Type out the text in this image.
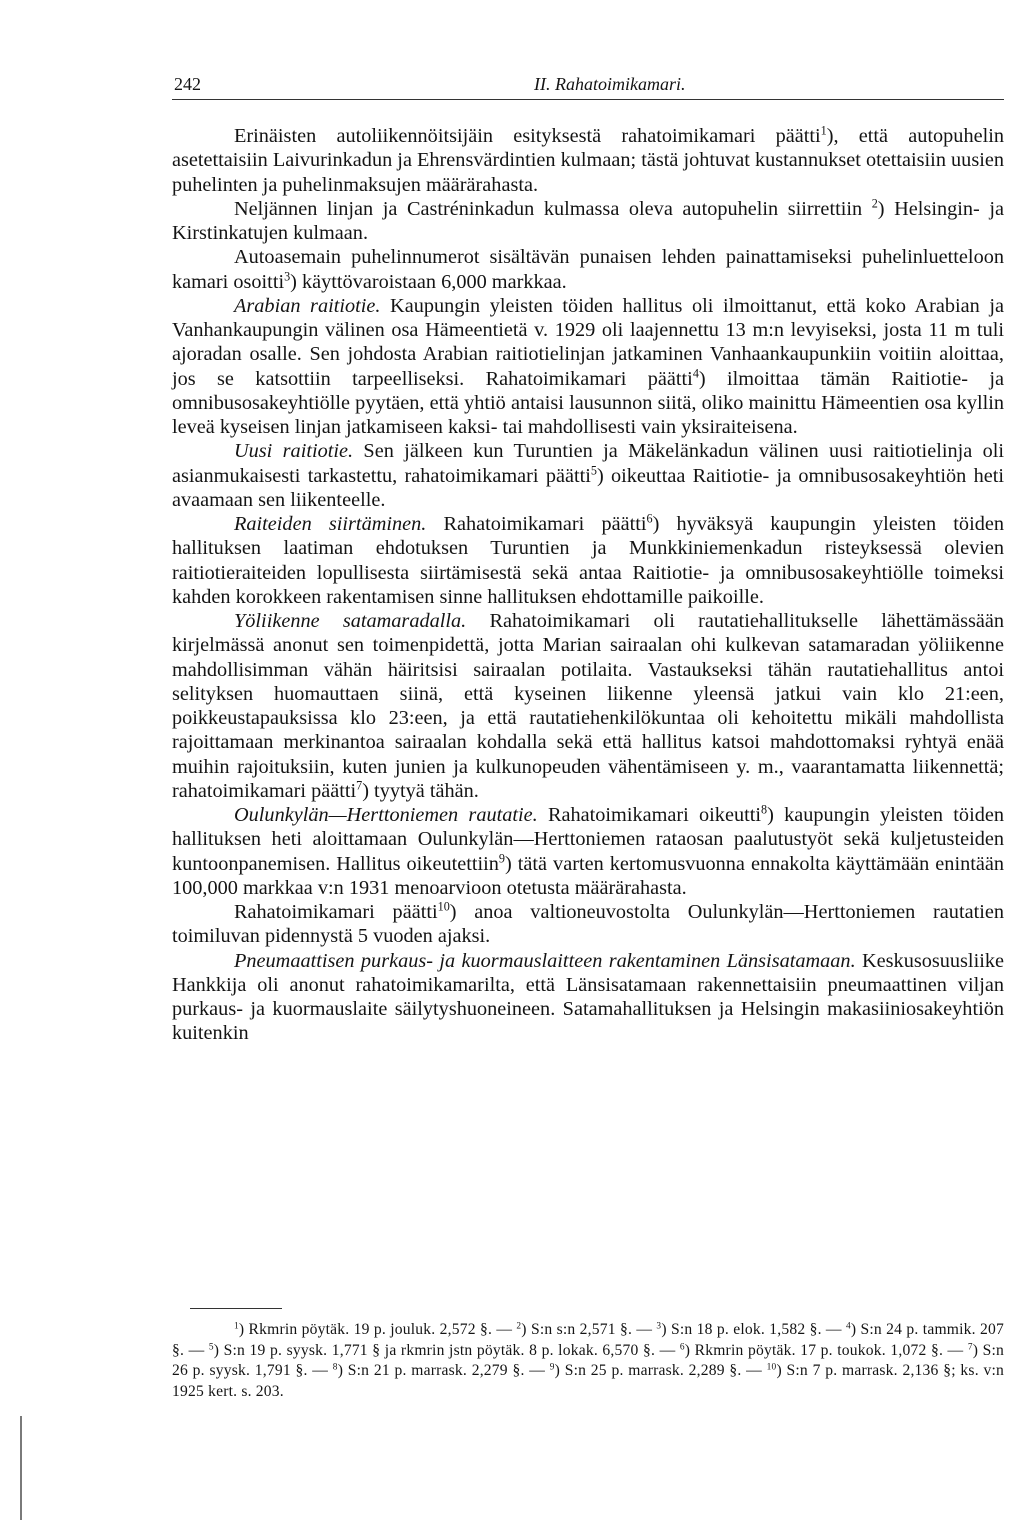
242	II. Rahatoimikamari.

Erinäisten autoliikennöitsijäin esityksestä rahatoimikamari päätti$^1$), että autopuhelin asetettaisiin Laivurinkadun ja Ehrensvärdintien kulmaan; tästä johtuvat kustannukset otettaisiin uusien puhelinten ja puhelinmaksujen määrärahasta.

Neljännen linjan ja Castréninkadun kulmassa oleva autopuhelin siirrettiin $^2$) Helsingin- ja Kirstinkatujen kulmaan.

Autoasemain puhelinnumerot sisältävän punaisen lehden painattamiseksi puhelinluetteloon kamari osoitti$^3$) käyttövaroistaan 6,000 markkaa.

Arabian raitiotie. Kaupungin yleisten töiden hallitus oli ilmoittanut, että koko Arabian ja Vanhankaupungin välinen osa Hämeentietä v. 1929 oli laajennettu 13 m:n levyiseksi, josta 11 m tuli ajoradan osalle. Sen johdosta Arabian raitiotielinjan jatkaminen Vanhaankaupunkiin voitiin aloittaa, jos se katsottiin tarpeelliseksi. Rahatoimikamari päätti$^4$) ilmoittaa tämän Raitiotie- ja omnibusosakeyhtiölle pyytäen, että yhtiö antaisi lausunnon siitä, oliko mainittu Hämeentien osa kyllin leveä kyseisen linjan jatkamiseen kaksi- tai mahdollisesti vain yksiraiteisena.

Uusi raitiotie. Sen jälkeen kun Turuntien ja Mäkelänkadun välinen uusi raitiotielinja oli asianmukaisesti tarkastettu, rahatoimikamari päätti$^5$) oikeuttaa Raitiotie- ja omnibusosakeyhtiön heti avaamaan sen liikenteelle.

Raiteiden siirtäminen. Rahatoimikamari päätti$^6$) hyväksyä kaupungin yleisten töiden hallituksen laatiman ehdotuksen Turuntien ja Munkkiniemenkadun risteyksessä olevien raitiotieraiteiden lopullisesta siirtämisestä sekä antaa Raitiotie- ja omnibusosakeyhtiölle toimeksi kahden korokkeen rakentamisen sinne hallituksen ehdottamille paikoille.

Yöliikenne satamaradalla. Rahatoimikamari oli rautatiehallitukselle lähettämässään kirjelmässä anonut sen toimenpidettä, jotta Marian sairaalan ohi kulkevan satamaradan yöliikenne mahdollisimman vähän häiritsisi sairaalan potilaita. Vastaukseksi tähän rautatiehallitus antoi selityksen huomauttaen siinä, että kyseinen liikenne yleensä jatkui vain klo 21:een, poikkeustapauksissa klo 23:een, ja että rautatiehenkilökuntaa oli kehoitettu mikäli mahdollista rajoittamaan merkinantoa sairaalan kohdalla sekä että hallitus katsoi mahdottomaksi ryhtyä enää muihin rajoituksiin, kuten junien ja kulkunopeuden vähentämiseen y. m., vaarantamatta liikennettä; rahatoimikamari päätti$^7$) tyytyä tähän.

Oulunkylän—Herttoniemen rautatie. Rahatoimikamari oikeutti$^8$) kaupungin yleisten töiden hallituksen heti aloittamaan Oulunkylän—Herttoniemen rataosan paalutustyöt sekä kuljetusteiden kuntoonpanemisen. Hallitus oikeutettiin$^9$) tätä varten kertomusvuonna ennakolta käyttämään enintään 100,000 markkaa v:n 1931 menoarvioon otetusta määrärahasta.

Rahatoimikamari päätti$^{10}$) anoa valtioneuvostolta Oulunkylän—Herttoniemen rautatien toimiluvan pidennystä 5 vuoden ajaksi.

Pneumaattisen purkaus- ja kuormauslaitteen rakentaminen Länsisatamaan. Keskusosuusliike Hankkija oli anonut rahatoimikamarilta, että Länsisatamaan rakennettaisiin pneumaattinen viljan purkaus- ja kuormauslaite säilytyshuoneineen. Satamahallituksen ja Helsingin makasiiniosakeyhtiön kuitenkin

$^1$) Rkmrin pöytäk. 19 p. jouluk. 2,572 §. — $^2$) S:n s:n 2,571 §. — $^3$) S:n 18 p. elok. 1,582 §. — $^4$) S:n 24 p. tammik. 207 §. — $^5$) S:n 19 p. syysk. 1,771 § ja rkmrin jstn pöytäk. 8 p. lokak. 6,570 §. — $^6$) Rkmrin pöytäk. 17 p. toukok. 1,072 §. — $^7$) S:n 26 p. syysk. 1,791 §. — $^8$) S:n 21 p. marrask. 2,279 §. — $^9$) S:n 25 p. marrask. 2,289 §. — $^{10}$) S:n 7 p. marrask. 2,136 §; ks. v:n 1925 kert. s. 203.
